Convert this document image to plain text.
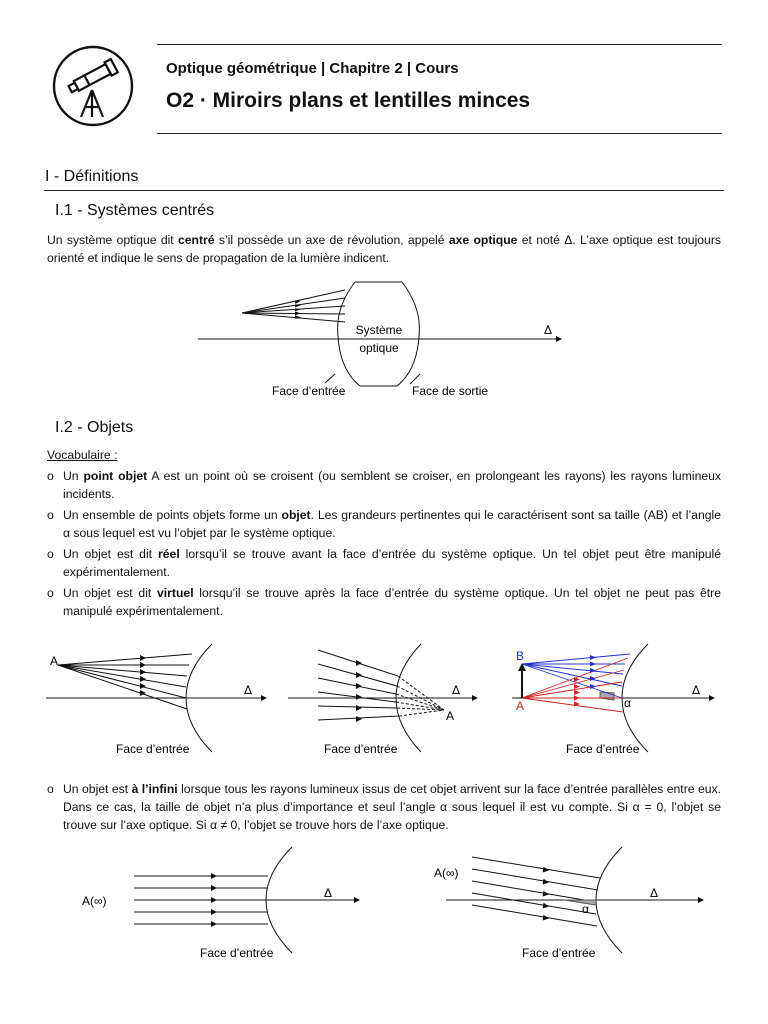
Optique géométrique | Chapitre 2 | Cours
O2 · Miroirs plans et lentilles minces
I - Définitions
I.1 - Systèmes centrés
Un système optique dit centré s’il possède un axe de révolution, appelé axe optique et noté Δ. L’axe optique est toujours orienté et indique le sens de propagation de la lumière indicent.
Système
optique
Δ
Face d’entrée	Face de sortie
I.2 - Objets
Vocabulaire :
o Un point objet A est un point où se croisent (ou semblent se croiser, en prolongeant les rayons) les rayons lumineux incidents.
o Un ensemble de points objets forme un objet. Les grandeurs pertinentes qui le caractérisent sont sa taille (AB) et l’angle α sous lequel est vu l’objet par le système optique.
o Un objet est dit réel lorsqu’il se trouve avant la face d’entrée du système optique. Un tel objet peut être manipulé expérimentalement.
o Un objet est dit virtuel lorsqu’il se trouve après la face d’entrée du système optique. Un tel objet ne peut pas être manipulé expérimentalement.
A
Δ
Face d’entrée
A
Δ
Face d’entrée
B
A	α
Δ
Face d’entrée
o Un objet est à l’infini lorsque tous les rayons lumineux issus de cet objet arrivent sur la face d’entrée parallèles entre eux. Dans ce cas, la taille de objet n’a plus d’importance et seul l’angle α sous lequel il est vu compte. Si α = 0, l’objet se trouve sur l’axe optique. Si α ≠ 0, l’objet se trouve hors de l’axe optique.
A(∞)
Δ
Face d’entrée
A(∞)
α
Δ
Face d’entrée
